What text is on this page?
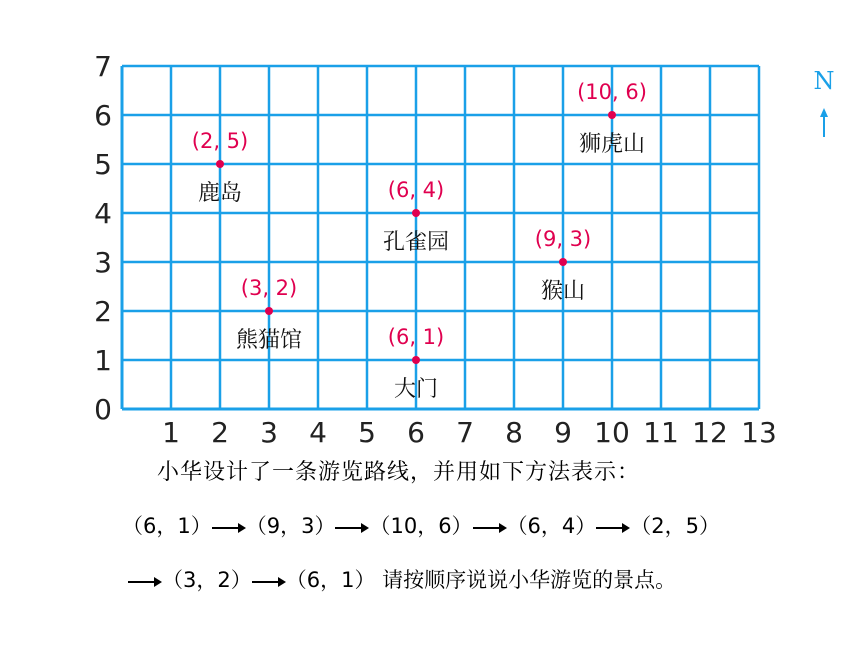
1 2 3 4 5 6 7 8 9 10 11 12 13
0
1
2
3
4
5
6
7
(2, 5)
鹿岛
(10, 6)
狮虎山
(6, 4)
孔雀园	(9, 3)
猴山
(3, 2)
熊猫馆	(6, 1)
大门
N
小华设计了一条游览路线，并用如下方法表示：
（6，1） （9，3） （10，6） （6，4） （2，5）
（3，2） （6，1） 请按顺序说说小华游览的景点。
